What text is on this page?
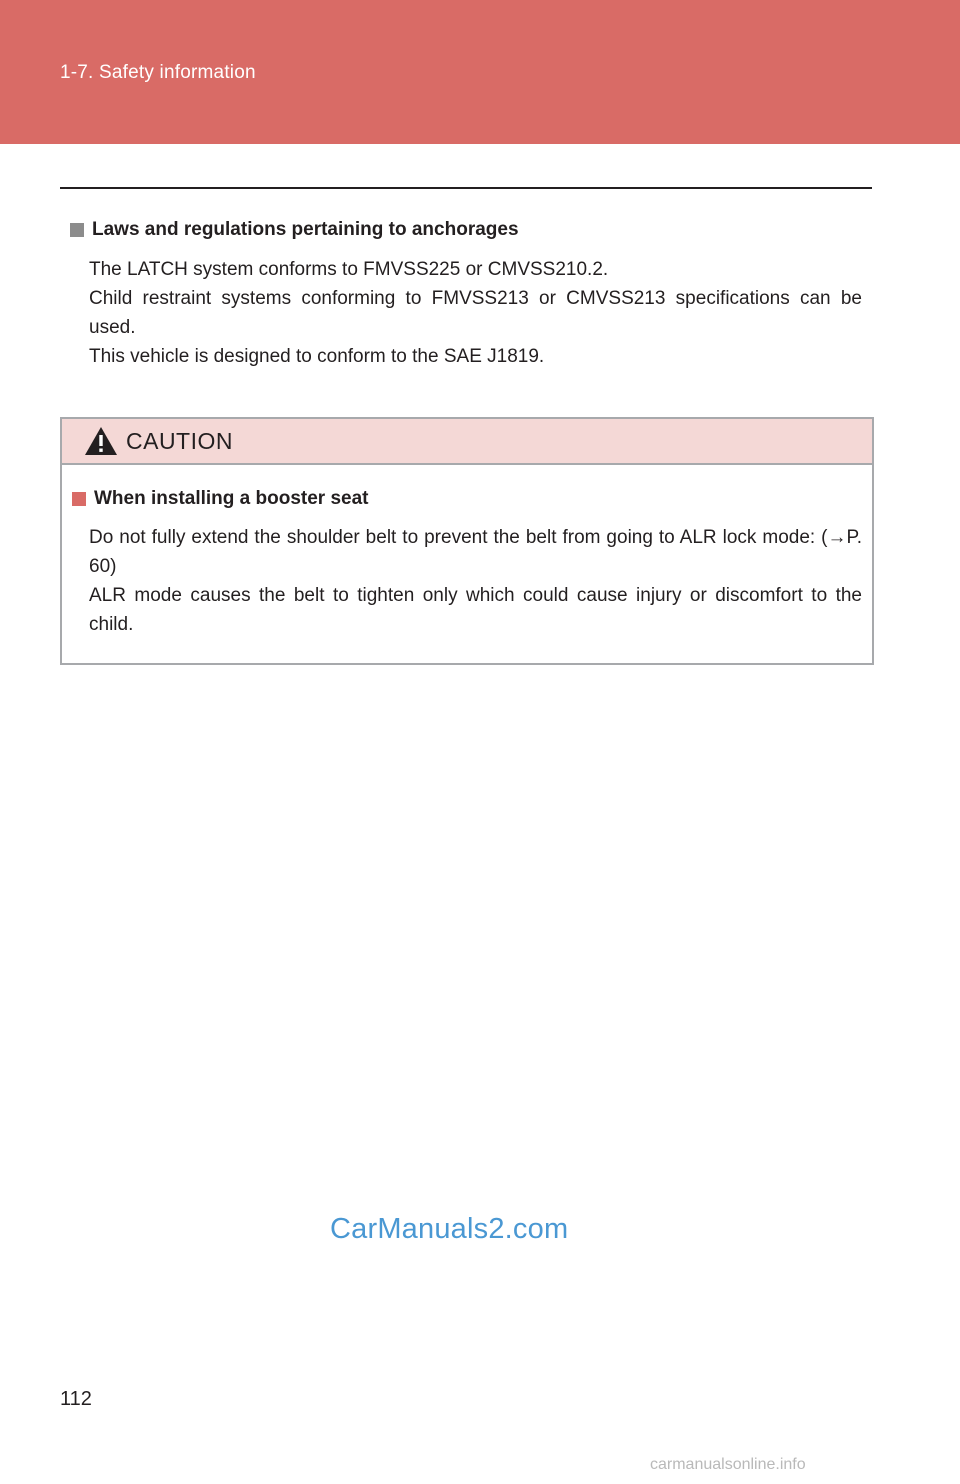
1-7. Safety information
Laws and regulations pertaining to anchorages
The LATCH system conforms to FMVSS225 or CMVSS210.2.
Child restraint systems conforming to FMVSS213 or CMVSS213 specifications can be used.
This vehicle is designed to conform to the SAE J1819.
CAUTION
When installing a booster seat
Do not fully extend the shoulder belt to prevent the belt from going to ALR lock mode: (→P. 60)
ALR mode causes the belt to tighten only which could cause injury or discomfort to the child.
CarManuals2.com
112
carmanualsonline.info
